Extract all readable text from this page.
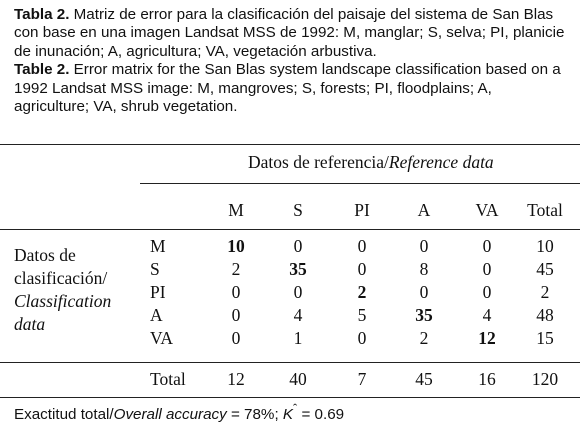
Tabla 2. Matriz de error para la clasificación del paisaje del sistema de San Blas con base en una imagen Landsat MSS de 1992: M, manglar; S, selva; PI, planicie de inunación; A, agricultura; VA, vegetación arbustiva.

Table 2. Error matrix for the San Blas system landscape classification based on a 1992 Landsat MSS image: M, mangroves; S, forests; PI, floodplains; A, agriculture; VA, shrub vegetation.

Datos de referencia/Reference data
M	S	PI	A	VA	Total
Datos de
clasificación/
Classification
data
M	10	0	0	0	0	10
S	2	35	0	8	0	45
PI	0	0	2	0	0	2
A	0	4	5	35	4	48
VA	0	1	0	2	12	15
Total	12	40	7	45	16	120
Exactitud total/Overall accuracy = 78%; $K^ˆ = 0.69$
